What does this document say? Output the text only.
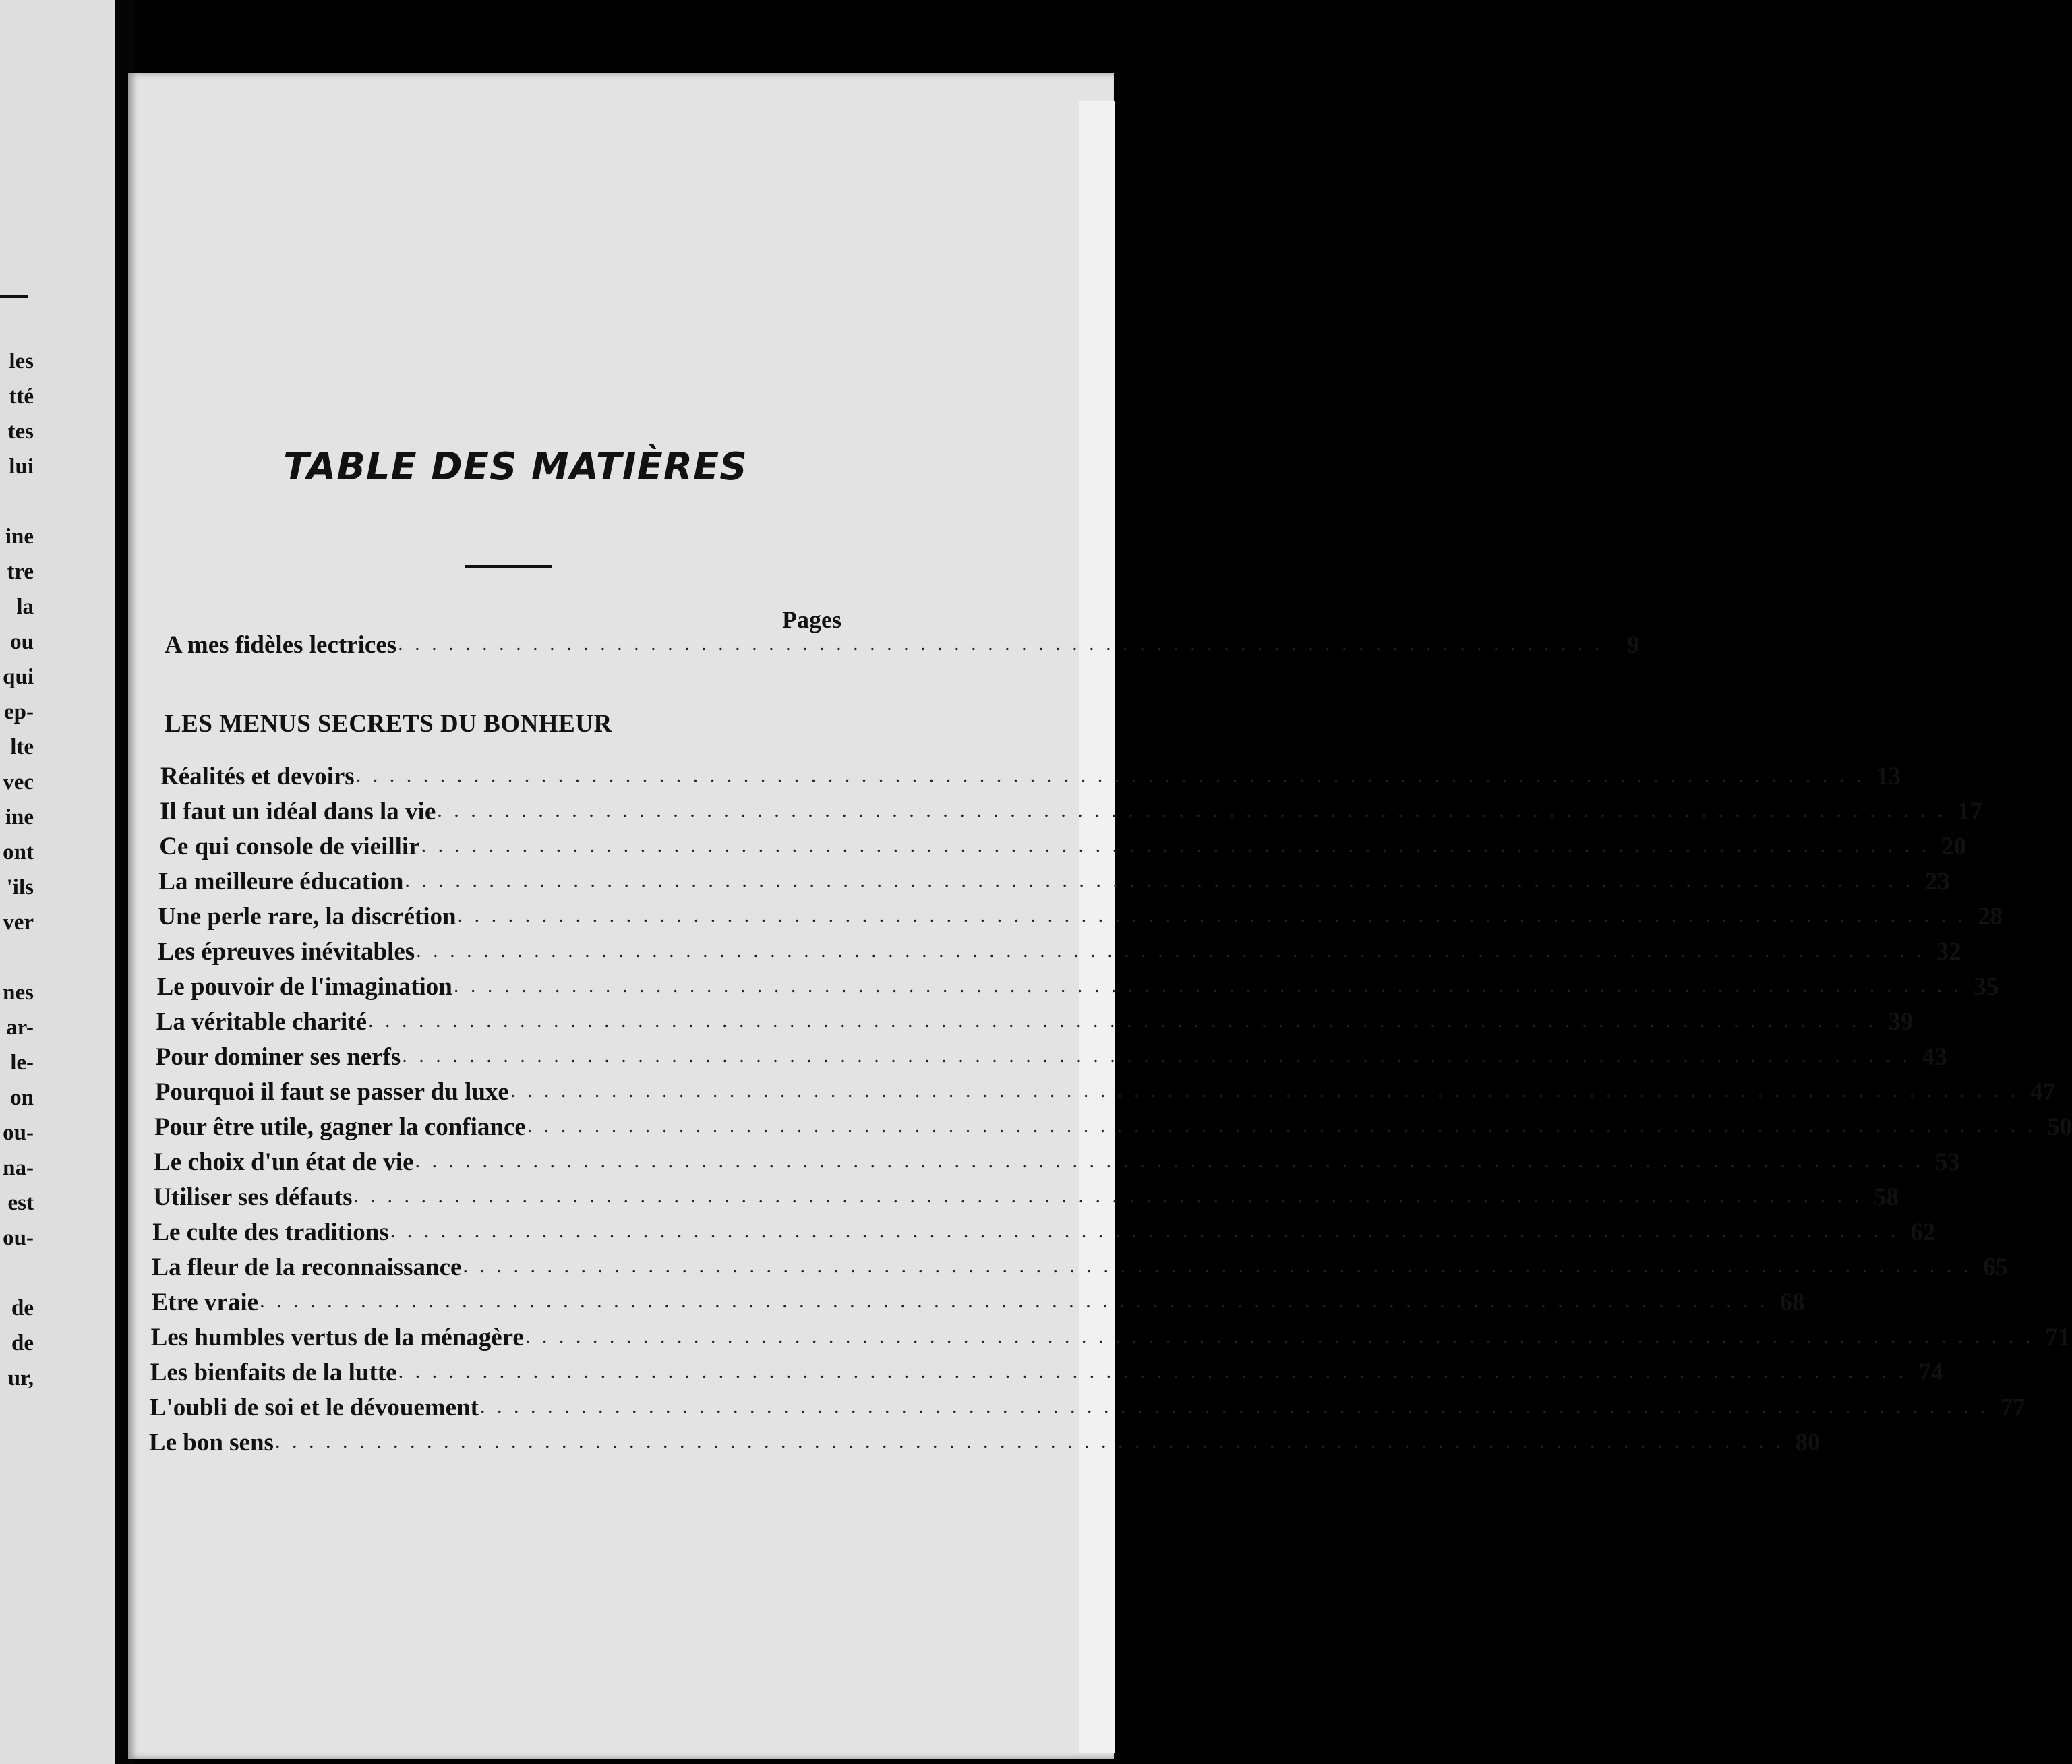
les
tté
tes
lui
ine
tre
la
ou
qui
ep-
lte
vec
ine
ont
'ils
ver
nes
ar-
le-
on
ou-
na-
est
ou-
de
de
ur,
TABLE DES MATIÈRES
Pages
A mes fidèles lectrices . . . . . . . . . . . . . . . . . . . . . . . . . . . . . . . . . . . . . . . . . . . . . . . . . . . . . . . . . . . . . . . . . . . . . . . . 9
LES MENUS SECRETS DU BONHEUR
Réalités et devoirs . . . . . . . . . . . . . . . . . . . . . . . . . . . . . . . . . . . . . . . . . . . . . . . . . . . . . . . . . . . . . . . . . . . . . . . . . . . . . . . . . . . . . . . . . . 13
Il faut un idéal dans la vie . . . . . . . . . . . . . . . . . . . . . . . . . . . . . . . . . . . . . . . . . . . . . . . . . . . . . . . . . . . . . . . . . . . . . . . . . . . . . . . . . . . . . . . . . . 17
Ce qui console de vieillir . . . . . . . . . . . . . . . . . . . . . . . . . . . . . . . . . . . . . . . . . . . . . . . . . . . . . . . . . . . . . . . . . . . . . . . . . . . . . . . . . . . . . . . . . . 20
La meilleure éducation . . . . . . . . . . . . . . . . . . . . . . . . . . . . . . . . . . . . . . . . . . . . . . . . . . . . . . . . . . . . . . . . . . . . . . . . . . . . . . . . . . . . . . . . . . 23
Une perle rare, la discrétion . . . . . . . . . . . . . . . . . . . . . . . . . . . . . . . . . . . . . . . . . . . . . . . . . . . . . . . . . . . . . . . . . . . . . . . . . . . . . . . . . . . . . . . . . . 28
Les épreuves inévitables . . . . . . . . . . . . . . . . . . . . . . . . . . . . . . . . . . . . . . . . . . . . . . . . . . . . . . . . . . . . . . . . . . . . . . . . . . . . . . . . . . . . . . . . . . 32
Le pouvoir de l'imagination . . . . . . . . . . . . . . . . . . . . . . . . . . . . . . . . . . . . . . . . . . . . . . . . . . . . . . . . . . . . . . . . . . . . . . . . . . . . . . . . . . . . . . . . . . 35
La véritable charité . . . . . . . . . . . . . . . . . . . . . . . . . . . . . . . . . . . . . . . . . . . . . . . . . . . . . . . . . . . . . . . . . . . . . . . . . . . . . . . . . . . . . . . . . . 39
Pour dominer ses nerfs . . . . . . . . . . . . . . . . . . . . . . . . . . . . . . . . . . . . . . . . . . . . . . . . . . . . . . . . . . . . . . . . . . . . . . . . . . . . . . . . . . . . . . . . . . 43
Pourquoi il faut se passer du luxe . . . . . . . . . . . . . . . . . . . . . . . . . . . . . . . . . . . . . . . . . . . . . . . . . . . . . . . . . . . . . . . . . . . . . . . . . . . . . . . . . . . . . . . . . . 47
Pour être utile, gagner la confiance . . . . . . . . . . . . . . . . . . . . . . . . . . . . . . . . . . . . . . . . . . . . . . . . . . . . . . . . . . . . . . . . . . . . . . . . . . . . . . . . . . . . . . . . . . 50
Le choix d'un état de vie . . . . . . . . . . . . . . . . . . . . . . . . . . . . . . . . . . . . . . . . . . . . . . . . . . . . . . . . . . . . . . . . . . . . . . . . . . . . . . . . . . . . . . . . . . 53
Utiliser ses défauts . . . . . . . . . . . . . . . . . . . . . . . . . . . . . . . . . . . . . . . . . . . . . . . . . . . . . . . . . . . . . . . . . . . . . . . . . . . . . . . . . . . . . . . . . . 58
Le culte des traditions . . . . . . . . . . . . . . . . . . . . . . . . . . . . . . . . . . . . . . . . . . . . . . . . . . . . . . . . . . . . . . . . . . . . . . . . . . . . . . . . . . . . . . . . . . 62
La fleur de la reconnaissance . . . . . . . . . . . . . . . . . . . . . . . . . . . . . . . . . . . . . . . . . . . . . . . . . . . . . . . . . . . . . . . . . . . . . . . . . . . . . . . . . . . . . . . . . . 65
Etre vraie . . . . . . . . . . . . . . . . . . . . . . . . . . . . . . . . . . . . . . . . . . . . . . . . . . . . . . . . . . . . . . . . . . . . . . . . . . . . . . . . . . . . . . . . . . 68
Les humbles vertus de la ménagère . . . . . . . . . . . . . . . . . . . . . . . . . . . . . . . . . . . . . . . . . . . . . . . . . . . . . . . . . . . . . . . . . . . . . . . . . . . . . . . . . . . . . . . . . . 71
Les bienfaits de la lutte . . . . . . . . . . . . . . . . . . . . . . . . . . . . . . . . . . . . . . . . . . . . . . . . . . . . . . . . . . . . . . . . . . . . . . . . . . . . . . . . . . . . . . . . . . 74
L'oubli de soi et le dévouement . . . . . . . . . . . . . . . . . . . . . . . . . . . . . . . . . . . . . . . . . . . . . . . . . . . . . . . . . . . . . . . . . . . . . . . . . . . . . . . . . . . . . . . . . . 77
Le bon sens . . . . . . . . . . . . . . . . . . . . . . . . . . . . . . . . . . . . . . . . . . . . . . . . . . . . . . . . . . . . . . . . . . . . . . . . . . . . . . . . . . . . . . . . . . 80
